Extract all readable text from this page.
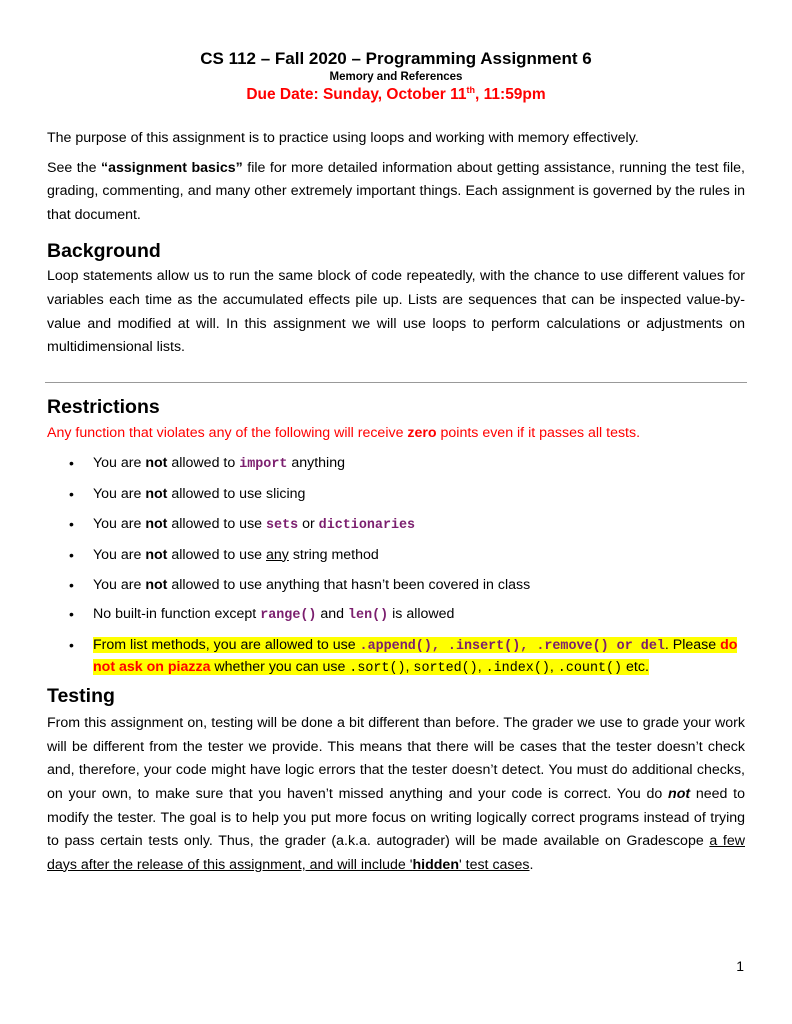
CS 112 – Fall 2020 – Programming Assignment 6
Memory and References
Due Date: Sunday, October 11th, 11:59pm

The purpose of this assignment is to practice using loops and working with memory effectively.

See the “assignment basics” file for more detailed information about getting assistance, running the test file, grading, commenting, and many other extremely important things. Each assignment is governed by the rules in that document.

Background

Loop statements allow us to run the same block of code repeatedly, with the chance to use different values for variables each time as the accumulated effects pile up. Lists are sequences that can be inspected value-by-value and modified at will. In this assignment we will use loops to perform calculations or adjustments on multidimensional lists.

Restrictions

Any function that violates any of the following will receive zero points even if it passes all tests.

• You are not allowed to import anything
• You are not allowed to use slicing
• You are not allowed to use sets or dictionaries
• You are not allowed to use any string method
• You are not allowed to use anything that hasn’t been covered in class
• No built-in function except range() and len() is allowed
• From list methods, you are allowed to use .append(), .insert(), .remove() or del. Please do not ask on piazza whether you can use .sort(), sorted(), .index(), .count() etc.
Testing

From this assignment on, testing will be done a bit different than before. The grader we use to grade your work will be different from the tester we provide. This means that there will be cases that the tester doesn’t check and, therefore, your code might have logic errors that the tester doesn’t detect. You must do additional checks, on your own, to make sure that you haven’t missed anything and your code is correct. You do not need to modify the tester. The goal is to help you put more focus on writing logically correct programs instead of trying to pass certain tests only. Thus, the grader (a.k.a. autograder) will be made available on Gradescope a few days after the release of this assignment, and will include 'hidden' test cases.

1
